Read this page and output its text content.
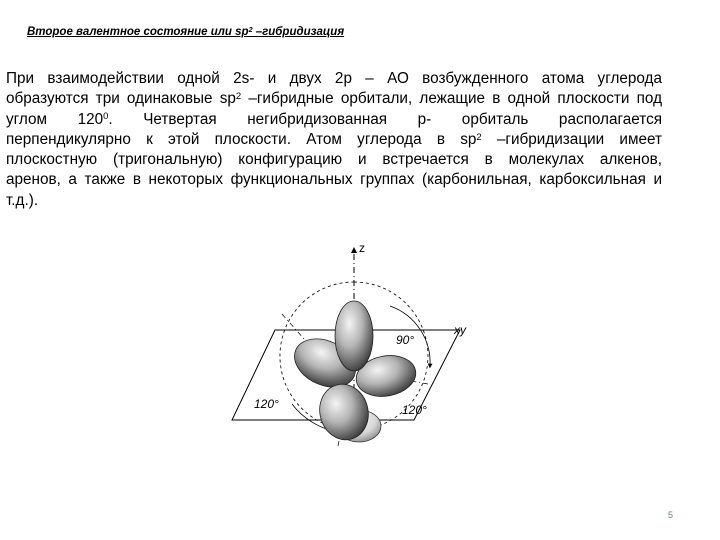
Второе валентное состояние или $sp^2$ –гибридизация
При взаимодействии одной 2s- и двух 2р – АО возбужденного атома углерода
образуются три одинаковые $sp^2$ –гибридные орбитали, лежащие в одной плоскости под
углом $120^0$. Четвертая негибридизованная р- орбиталь располагается
перпендикулярно к этой плоскости. Атом углерода в $sp^2$ –гибридизации имеет
плоскостную (тригональную) конфигурацию и встречается в молекулах алкенов,
аренов, а также в некоторых функциональных группах (карбонильная, карбоксильная и
т.д.).
z
xy
90°
120°	120°
5
